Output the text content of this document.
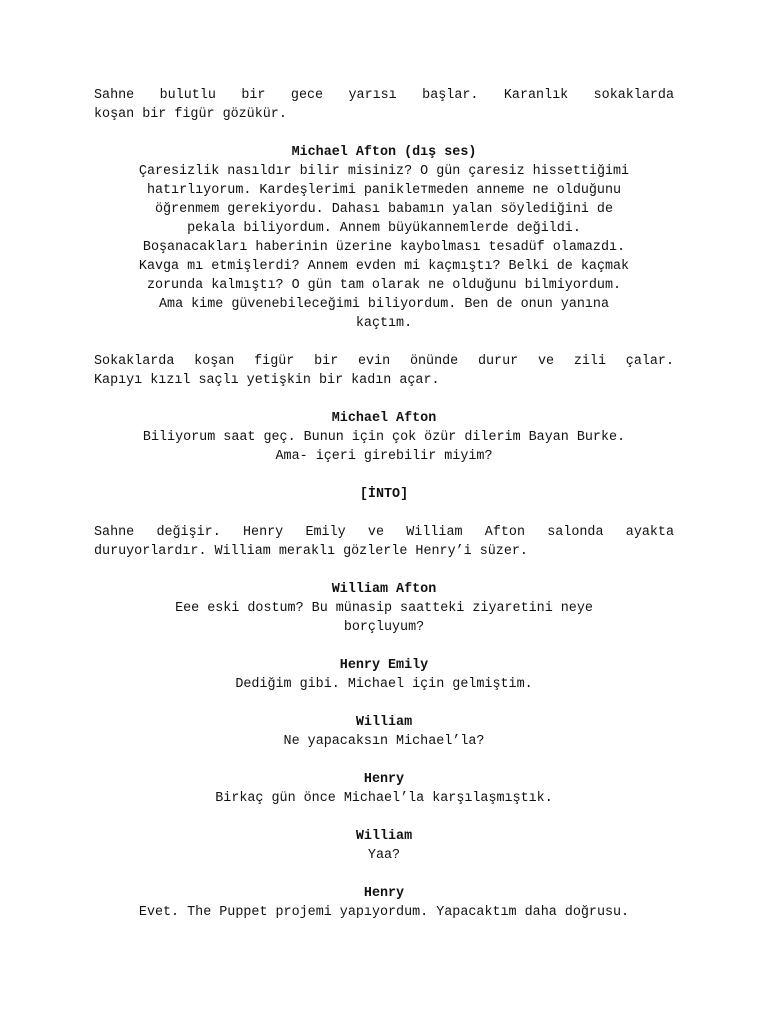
Sahne bulutlu bir gece yarısı başlar. Karanlık sokaklarda
koşan bir figür gözükür.
Michael Afton (dış ses)
Çaresizlik nasıldır bilir misiniz? O gün çaresiz hissettiğimi
hatırlıyorum. Kardeşlerimi paniklетmeden anneme ne olduğunu
öğrenmem gerekiyordu. Dahası babamın yalan söylediğini de
pekala biliyordum. Annem büyükannemlerde değildi.
Boşanacakları haberinin üzerine kaybolması tesadüf olamazdı.
Kavga mı etmişlerdi? Annem evden mi kaçmıştı? Belki de kaçmak
zorunda kalmıştı? O gün tam olarak ne olduğunu bilmiyordum.
Ama kime güvenebileceğimi biliyordum. Ben de onun yanına
kaçtım.
Sokaklarda koşan figür bir evin önünde durur ve zili çalar.
Kapıyı kızıl saçlı yetişkin bir kadın açar.
Michael Afton
Biliyorum saat geç. Bunun için çok özür dilerim Bayan Burke.
Ama- içeri girebilir miyim?
[İNTO]
Sahne değişir. Henry Emily ve William Afton salonda ayakta
duruyorlardır. William meraklı gözlerle Henry’i süzer.
William Afton
Eee eski dostum? Bu münasip saatteki ziyaretini neye
borçluyum?
Henry Emily
Dediğim gibi. Michael için gelmiştim.
William
Ne yapacaksın Michael’la?
Henry
Birkaç gün önce Michael’la karşılaşmıştık.
William
Yaa?
Henry
Evet. The Puppet projemi yapıyordum. Yapacaktım daha doğrusu.
